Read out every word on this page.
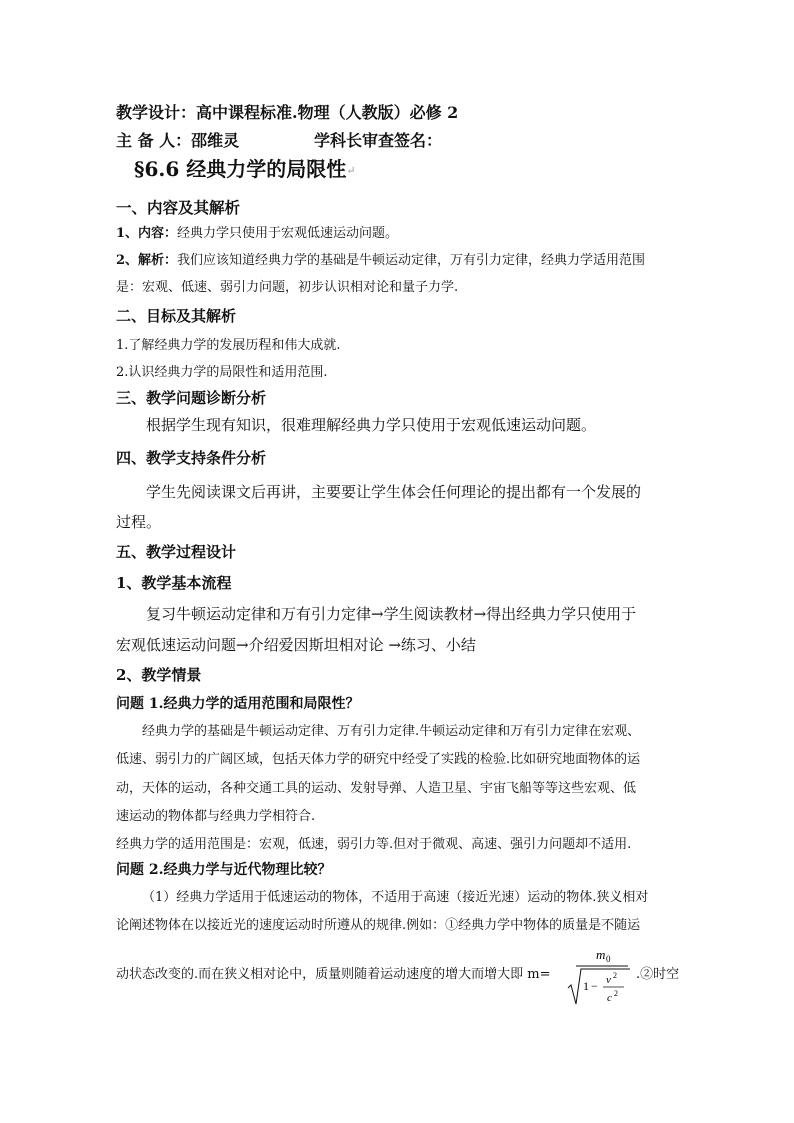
教学设计：高中课程标准.物理（人教版）必修 2
主 备 人：邵维灵	学科长审查签名：
§6.6 经典力学的局限性↵
一、内容及其解析
1、内容：经典力学只使用于宏观低速运动问题。
2、解析：我们应该知道经典力学的基础是牛顿运动定律，万有引力定律，经典力学适用范围
是：宏观、低速、弱引力问题，初步认识相对论和量子力学.
二、目标及其解析
1.了解经典力学的发展历程和伟大成就.
2.认识经典力学的局限性和适用范围.
三、教学问题诊断分析
根据学生现有知识，很难理解经典力学只使用于宏观低速运动问题。
四、教学支持条件分析
学生先阅读课文后再讲，主要要让学生体会任何理论的提出都有一个发展的
过程。
五、教学过程设计
1、教学基本流程
复习牛顿运动定律和万有引力定律→学生阅读教材→得出经典力学只使用于
宏观低速运动问题→介绍爱因斯坦相对论 →练习、小结
2、教学情景
问题 1.经典力学的适用范围和局限性？
经典力学的基础是牛顿运动定律、万有引力定律.牛顿运动定律和万有引力定律在宏观、
低速、弱引力的广阔区域，包括天体力学的研究中经受了实践的检验.比如研究地面物体的运
动，天体的运动，各种交通工具的运动、发射导弹、人造卫星、宇宙飞船等等这些宏观、低
速运动的物体都与经典力学相符合.
经典力学的适用范围是：宏观，低速，弱引力等.但对于微观、高速、强引力问题却不适用.
问题 2.经典力学与近代物理比较？
（1）经典力学适用于低速运动的物体，不适用于高速（接近光速）运动的物体.狭义相对
论阐述物体在以接近光的速度运动时所遵从的规律.例如：①经典力学中物体的质量是不随运
动状态改变的.而在狭义相对论中，质量则随着运动速度的增大而增大即 m=
m 0
1 − v 2
c 2
.②时空
